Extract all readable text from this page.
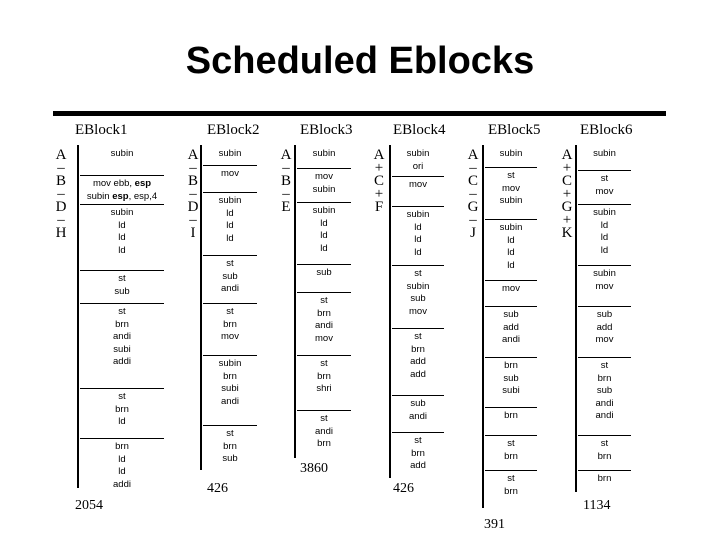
Scheduled Eblocks
EBlock1
A
–
B
–
D
–
H
subin
mov ebb, esp
subin esp, esp,4
subin
ld
ld
ld
st
sub
st
brn
andi
subi
addi
st
brn
ld
brn
ld
ld
addi
2054
EBlock2
A
–
B
–
D
–
I
subin
mov
subin
ld
ld
ld
st
sub
andi
st
brn
mov
subin
brn
subi
andi
st
brn
sub
426
EBlock3
A
–
B
–
E
subin
mov
subin
subin
ld
ld
ld
sub
st
brn
andi
mov
st
brn
shri
st
andi
brn
3860
EBlock4
A
+
C
+
F
subin
ori
mov
subin
ld
ld
ld
st
subin
sub
mov
st
brn
add
add
sub
andi
st
brn
add
426
EBlock5
A
–
C
–
G
–
J
subin
st
mov
subin
subin
ld
ld
ld
mov
sub
add
andi
brn
sub
subi
brn
st
brn
st
brn
391
EBlock6
A
+
C
+
G
+
K
subin
st
mov
subin
ld
ld
ld
subin
mov
sub
add
mov
st
brn
sub
andi
andi
st
brn
brn
1134
